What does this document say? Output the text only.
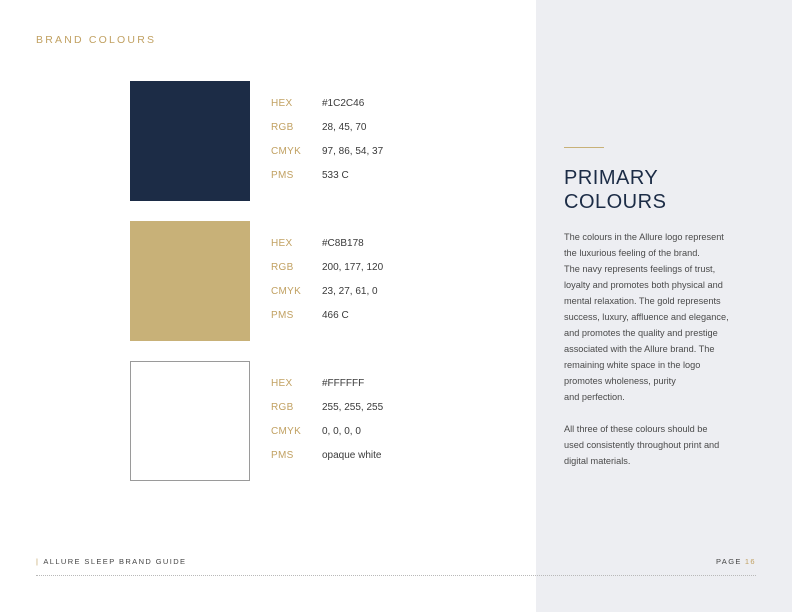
BRAND COLOURS
HEX	#1C2C46
RGB	28, 45, 70
CMYK 97, 86, 54, 37
PMS	533 C
HEX	#C8B178
RGB	200, 177, 120
CMYK 23, 27, 61, 0
PMS	466 C
HEX	#FFFFFF
RGB	255, 255, 255
CMYK 0, 0, 0, 0
PMS	opaque white
PRIMARY
COLOURS

The colours in the Allure logo represent
the luxurious feeling of the brand.
The navy represents feelings of trust,
loyalty and promotes both physical and
mental relaxation. The gold represents
success, luxury, affluence and elegance,
and promotes the quality and prestige
associated with the Allure brand. The
remaining white space in the logo
promotes wholeness, purity
and perfection.

All three of these colours should be
used consistently throughout print and
digital materials.

| ALLURE SLEEP BRAND GUIDE	PAGE 16
